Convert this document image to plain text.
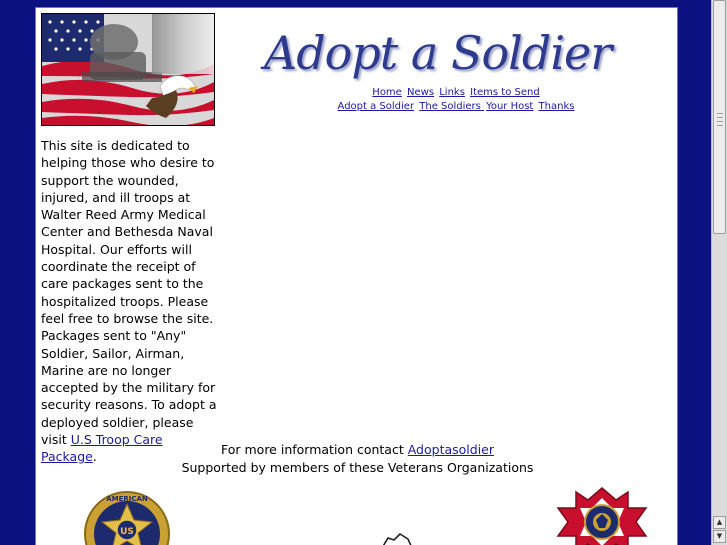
Adopt a Soldier
Home News Links Items to Send
Adopt a Soldier The Soldiers Your Host Thanks
This site is dedicated to helping those who desire to support the wounded, injured, and ill troops at Walter Reed Army Medical Center and Bethesda Naval Hospital. Our efforts will coordinate the receipt of care packages sent to the hospitalized troops. Please feel free to browse the site. Packages sent to "Any" Soldier, Sailor, Airman, Marine are no longer accepted by the military for security reasons. To adopt a deployed soldier, please visit U.S Troop Care Package.	For more information contact Adoptasoldier
Supported by members of these Veterans Organizations
US
AMERICAN
▲
▼
